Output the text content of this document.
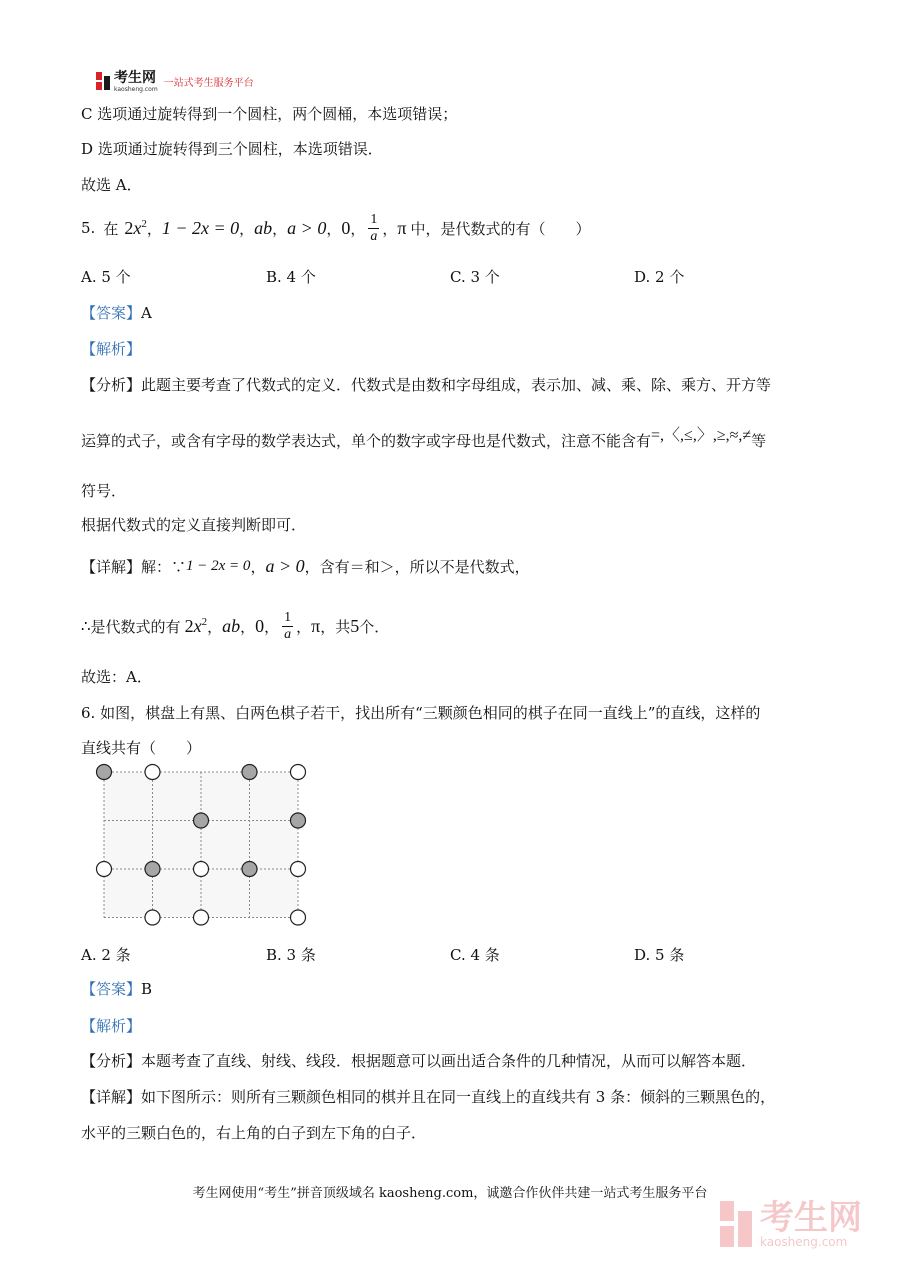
考生网
kaosheng.com
一站式考生服务平台
C 选项通过旋转得到一个圆柱，两个圆桶，本选项错误；
D 选项通过旋转得到三个圆柱，本选项错误．
故选 A．
5. 在 $2x^2$ ， 1 − 2x = 0 ， ab ， a > 0 ， 0 ， $\frac{1}{a}$ ， π 中，是代数式的有（　　）
A. 5 个	B. 4 个	C. 3 个	D. 2 个
【答案】A
【解析】
【分析】此题主要考查了代数式的定义．代数式是由数和字母组成，表示加、减、乘、除、乘方、开方等
运算的式子，或含有字母的数学表达式，单个的数字或字母也是代数式，注意不能含有=,〈,≤,〉,≥,≈,≠等
符号．
根据代数式的定义直接判断即可．
【详解】 解：∵ 1 − 2x = 0 ， a > 0 ，含有＝和＞，所以不是代数式，
∴ 是代数式的有 $2x^2$ ， ab ， 0 ， $\frac{1}{a}$ ， π ，共 5 个．
故选：A．
6. 如图，棋盘上有黑、白两色棋子若干，找出所有“三颗颜色相同的棋子在同一直线上”的直线，这样的
直线共有（　　）
A. 2 条	B. 3 条	C. 4 条	D. 5 条
【答案】B
【解析】
【分析】本题考查了直线、射线、线段．根据题意可以画出适合条件的几种情况，从而可以解答本题．
【详解】如下图所示：则所有三颗颜色相同的棋并且在同一直线上的直线共有 3 条：倾斜的三颗黑色的，
水平的三颗白色的，右上角的白子到左下角的白子．
考生网使用“考生”拼音顶级域名 kaosheng.com，诚邀合作伙伴共建一站式考生服务平台
考生网
kaosheng.com
